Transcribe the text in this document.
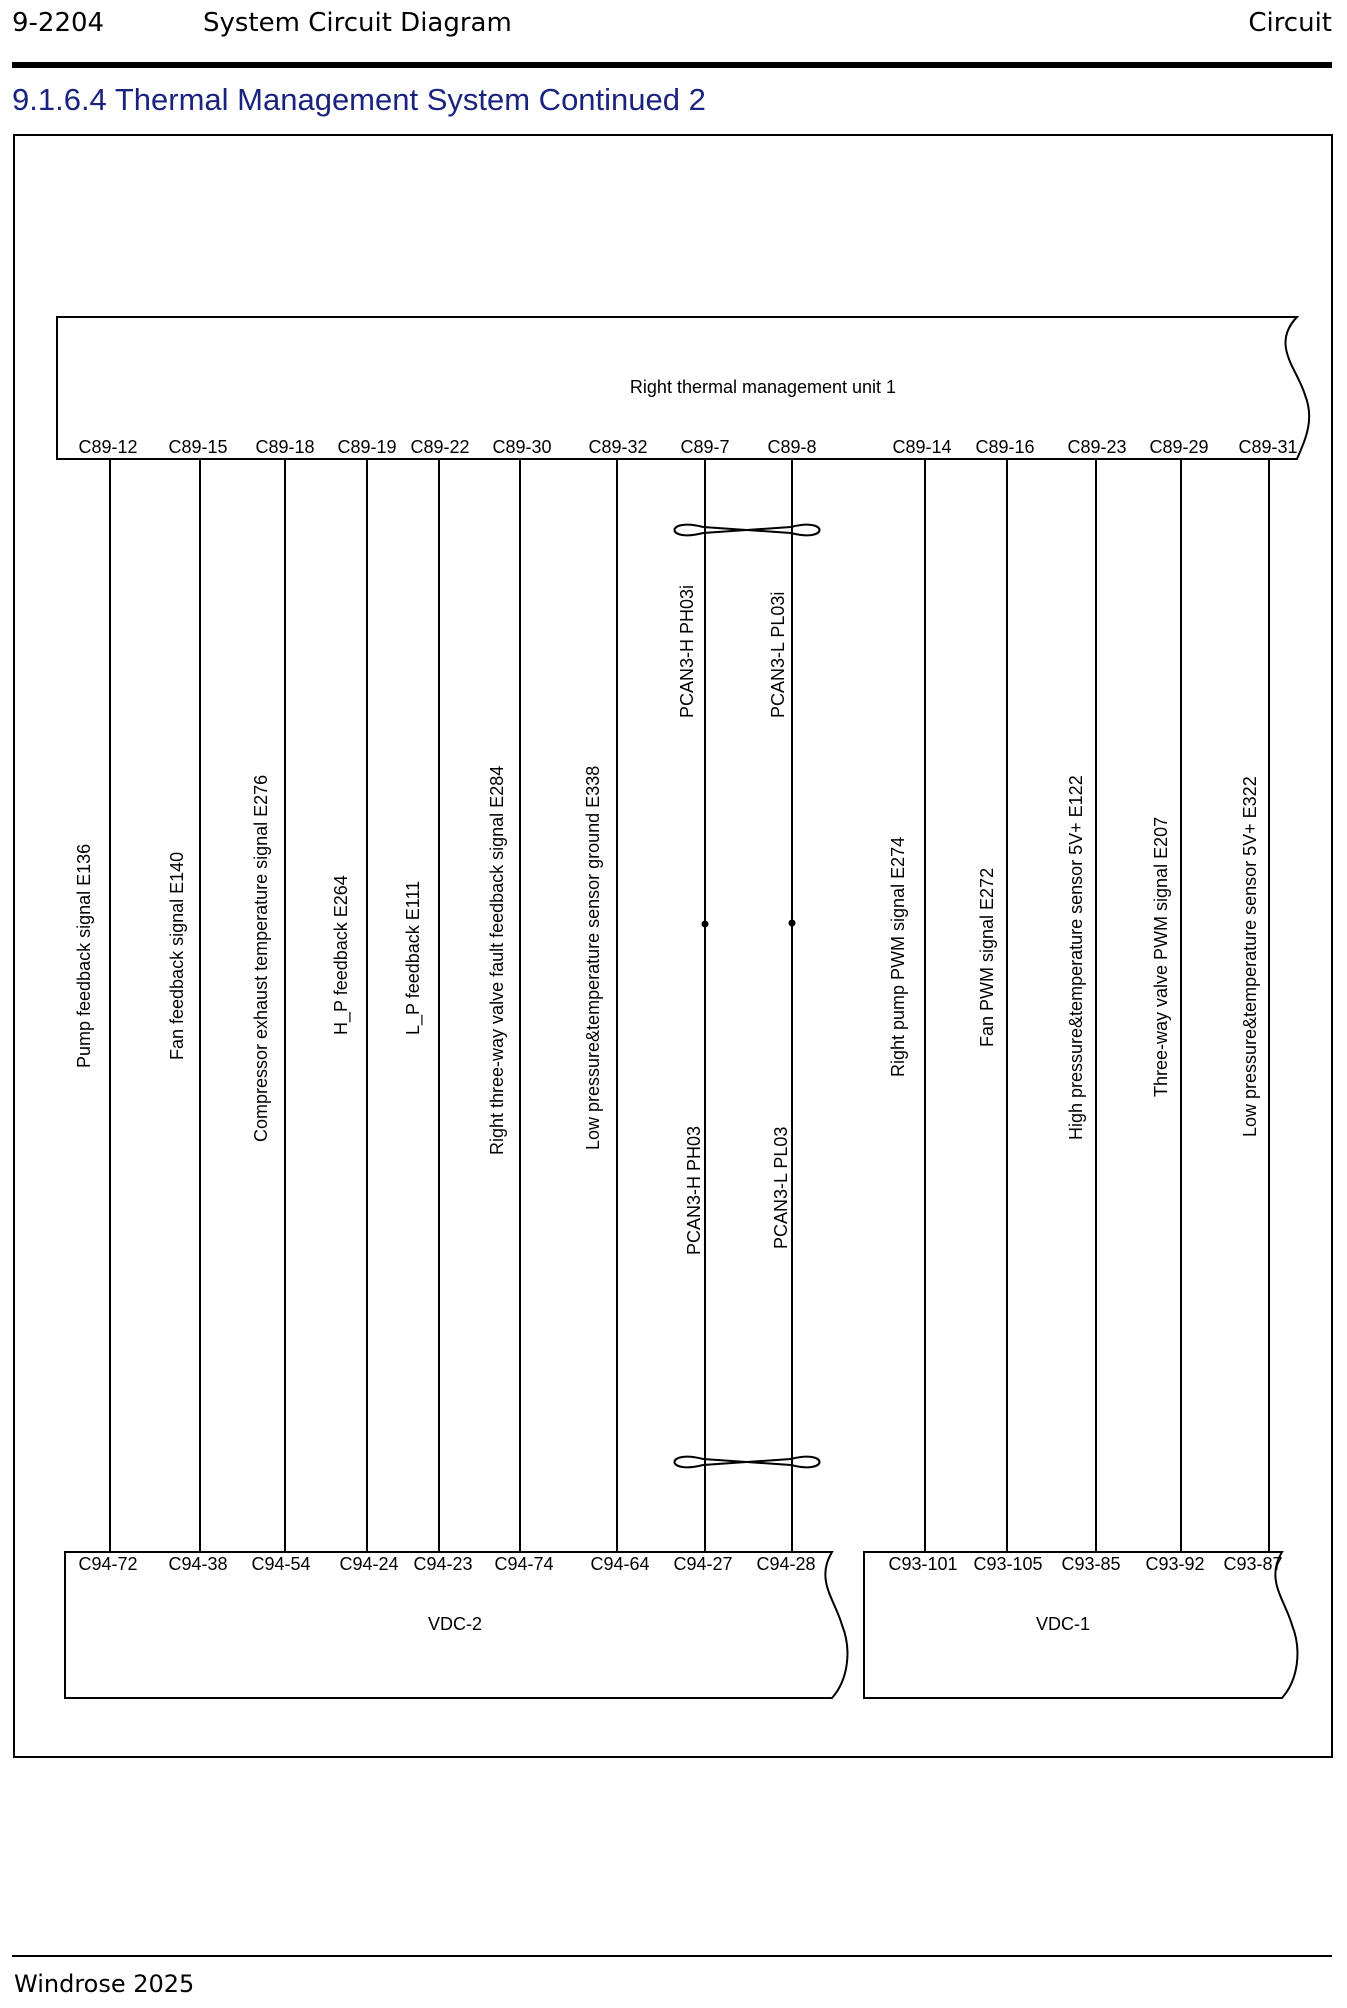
9-2204	System Circuit Diagram	Circuit
9.1.6.4 Thermal Management System Continued 2
Right thermal management unit 1
VDC-2	VDC-1
C89-12
C94-72
Pump feedback signal E136
C89-15
C94-38
Fan feedback signal E140
C89-18
C94-54
Compressor exhaust temperature signal E276
C89-19
C94-24
H_P feedback E264
C89-22
C94-23
L_P feedback E111
C89-30
C94-74
Right three-way valve fault feedback signal E284
C89-32
C94-64
Low pressure&temperature sensor ground E338
C89-7
C94-27
PCAN3-H PH03i
PCAN3-H PH03
C89-8
C94-28
PCAN3-L PL03i
PCAN3-L PL03
C89-14
C93-101
Right pump PWM signal E274
C89-16
C93-105
Fan PWM signal E272
C89-23
C93-85
High pressure&temperature sensor 5V+ E122
C89-29
C93-92
Three-way valve PWM signal E207
C89-31
C93-87
Low pressure&temperature sensor 5V+ E322
Windrose 2025
